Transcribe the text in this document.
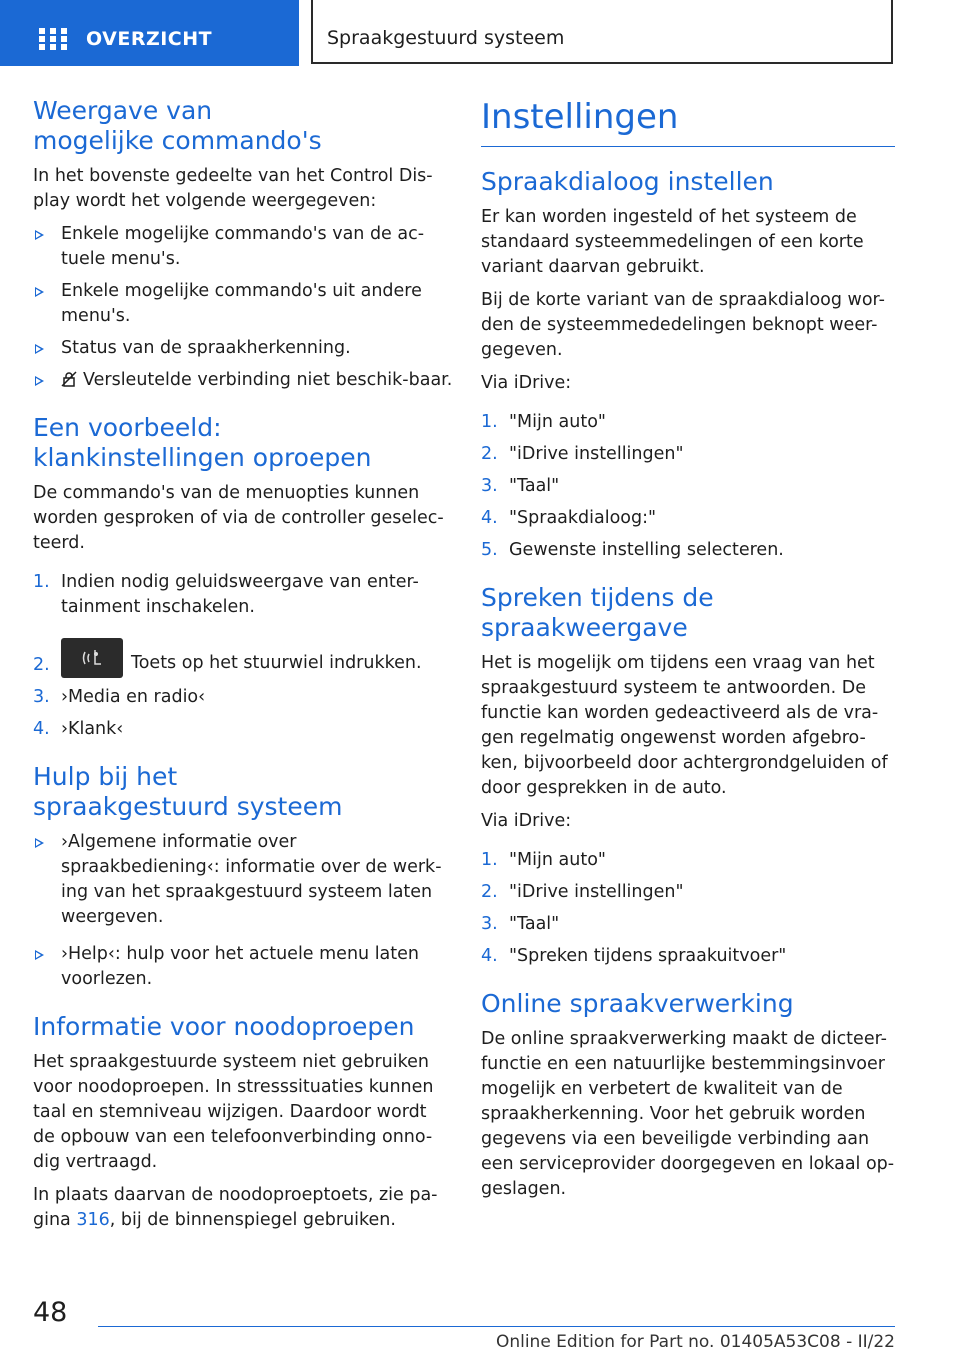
OVERZICHT	Spraakgestuurd systeem
Weergave van mogelijke commando's

In het bovenste gedeelte van het Control Dis-play wordt het volgende weergegeven:

Enkele mogelijke commando's van de ac-tuele menu's.
Enkele mogelijke commando's uit andere menu's.
Status van de spraakherkenning.
Versleutelde verbinding niet beschik-baar.
Een voorbeeld: klankinstellingen oproepen

De commando's van de menuopties kunnen worden gesproken of via de controller geselec-teerd.

1. Indien nodig geluidsweergave van enter-tainment inschakelen.
2.	Toets op het stuurwiel indrukken.
3. ›Media en radio‹
4. ›Klank‹
Hulp bij het spraakgestuurd systeem
›Algemene informatie over spraakbediening‹: informatie over de werk-ing van het spraakgestuurd systeem laten weergeven.
›Help‹: hulp voor het actuele menu laten voorlezen.
Informatie voor noodoproepen

Het spraakgestuurde systeem niet gebruiken voor noodoproepen. In stresssituaties kunnen taal en stemniveau wijzigen. Daardoor wordt de opbouw van een telefoonverbinding onno-dig vertraagd.

In plaats daarvan de noodoproeptoets, zie pa-gina 316, bij de binnenspiegel gebruiken.

Instellingen
Spraakdialoog instellen

Er kan worden ingesteld of het systeem de standaard systeemmedelingen of een korte variant daarvan gebruikt.

Bij de korte variant van de spraakdialoog wor-den de systeemmededelingen beknopt weer-gegeven.

Via iDrive:

1. "Mijn auto"
2. "iDrive instellingen"
3. "Taal"
4. "Spraakdialoog:"
5. Gewenste instelling selecteren.
Spreken tijdens de spraakweergave

Het is mogelijk om tijdens een vraag van het spraakgestuurd systeem te antwoorden. De functie kan worden gedeactiveerd als de vra-gen regelmatig ongewenst worden afgebro-ken, bijvoorbeeld door achtergrondgeluiden of door gesprekken in de auto.

Via iDrive:

1. "Mijn auto"
2. "iDrive instellingen"
3. "Taal"
4. "Spreken tijdens spraakuitvoer"
Online spraakverwerking

De online spraakverwerking maakt de dicteer-functie en een natuurlijke bestemmingsinvoer mogelijk en verbetert de kwaliteit van de spraakherkenning. Voor het gebruik worden gegevens via een beveiligde verbinding aan een serviceprovider doorgegeven en lokaal op-geslagen.

48
Online Edition for Part no. 01405A53C08 - II/22
